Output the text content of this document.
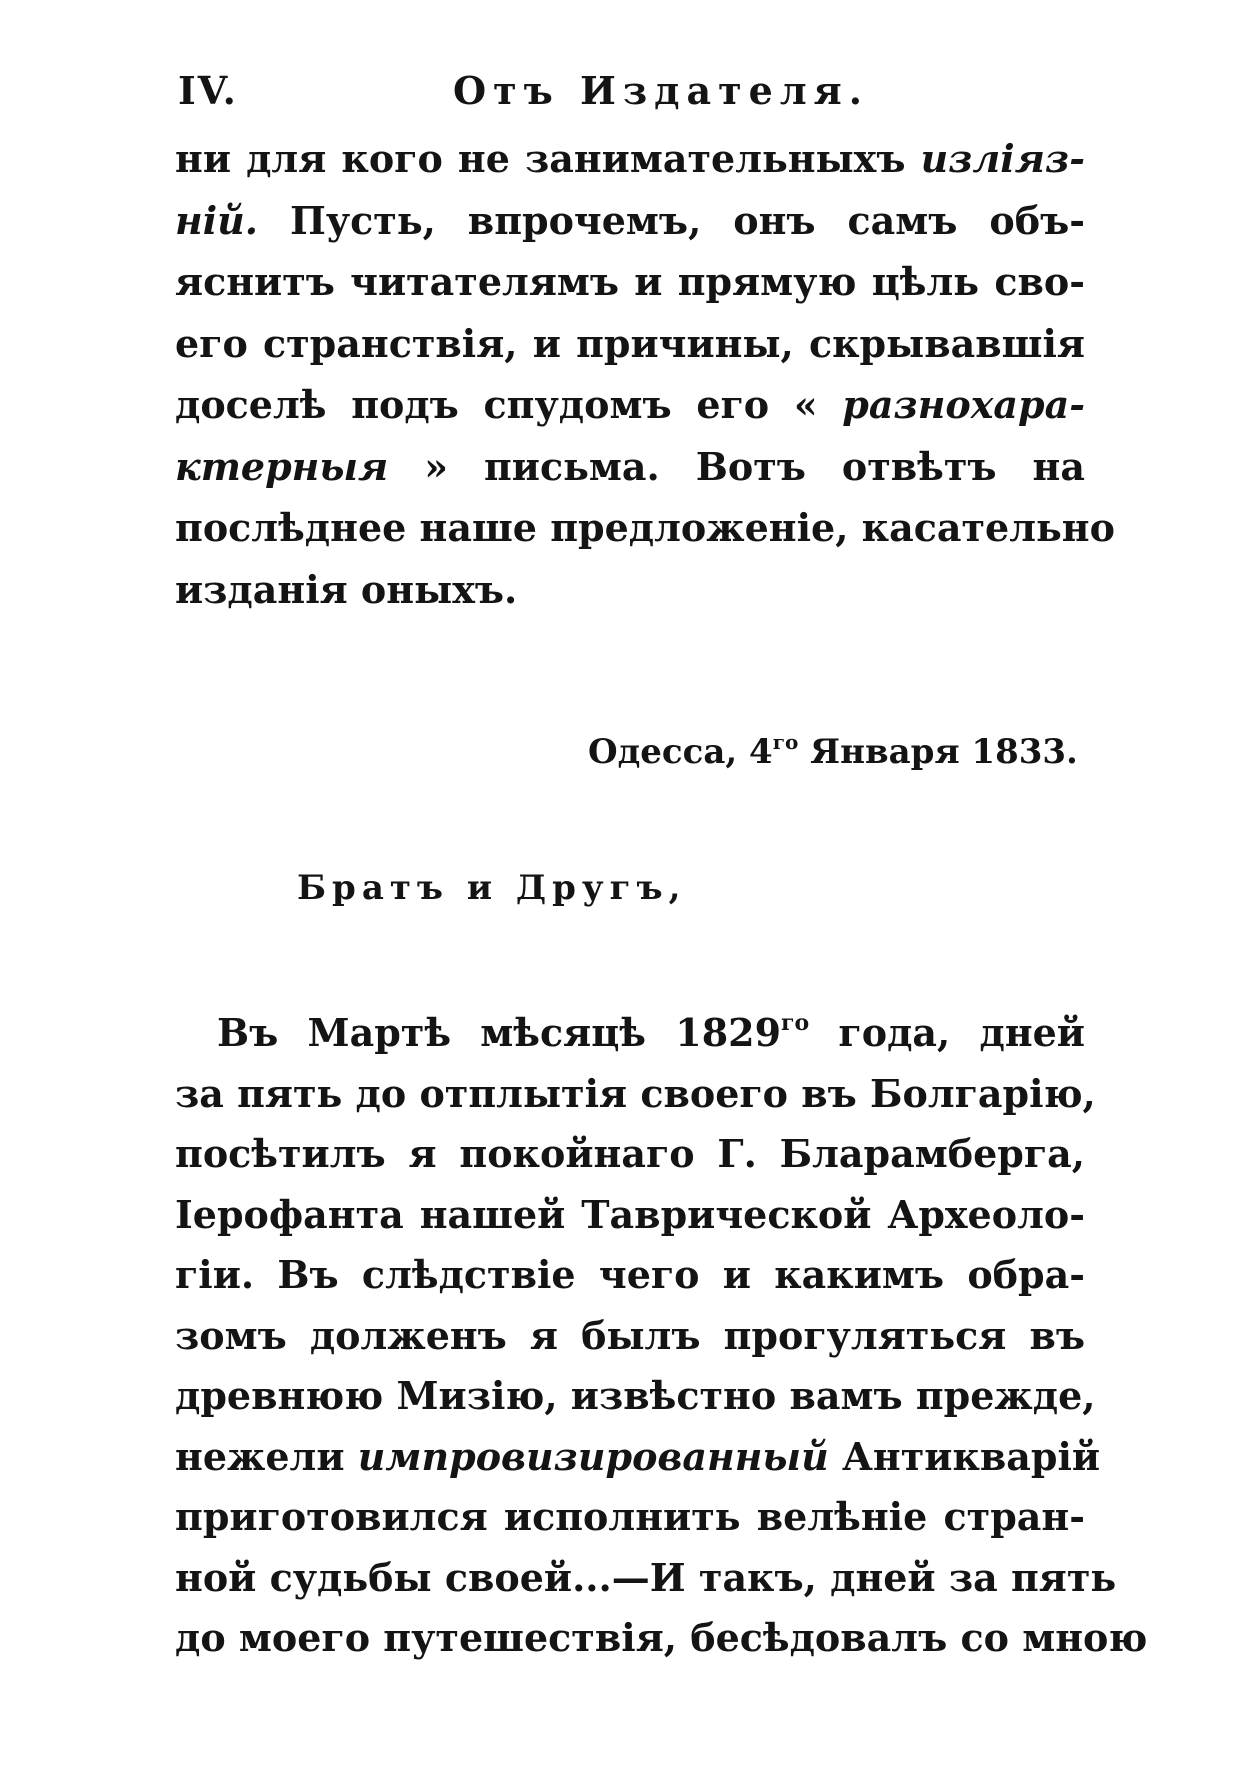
IV.	Отъ Издателя.
ни для кого не занимательныхъ изліяз-
ній. Пусть, впрочемъ, онъ самъ объ-
яснитъ читателямъ и прямую цѣль сво-
его странствія, и причины, скрывавшія
доселѣ подъ спудомъ его « разнохара-
ктерныя » письма. Вотъ отвѣтъ на
послѣднее наше предложеніе, касательно
изданія оныхъ.
Одесса, $4^{го}$ Января 1833.
Братъ и Другъ,
Въ Мартѣ мѣсяцѣ $1829^{го}$ года, дней
за пять до отплытія своего въ Болгарію,
посѣтилъ я покойнаго Г. Бларамберга,
Іерофанта нашей Таврической Археоло-
гіи. Въ слѣдствіе чего и какимъ обра-
зомъ долженъ я былъ прогуляться въ
древнюю Мизію, извѣстно вамъ прежде,
нежели импровизированный Антикварій
приготовился исполнить велѣніе стран-
ной судьбы своей...—И такъ, дней за пять
до моего путешествія, бесѣдовалъ со мною
